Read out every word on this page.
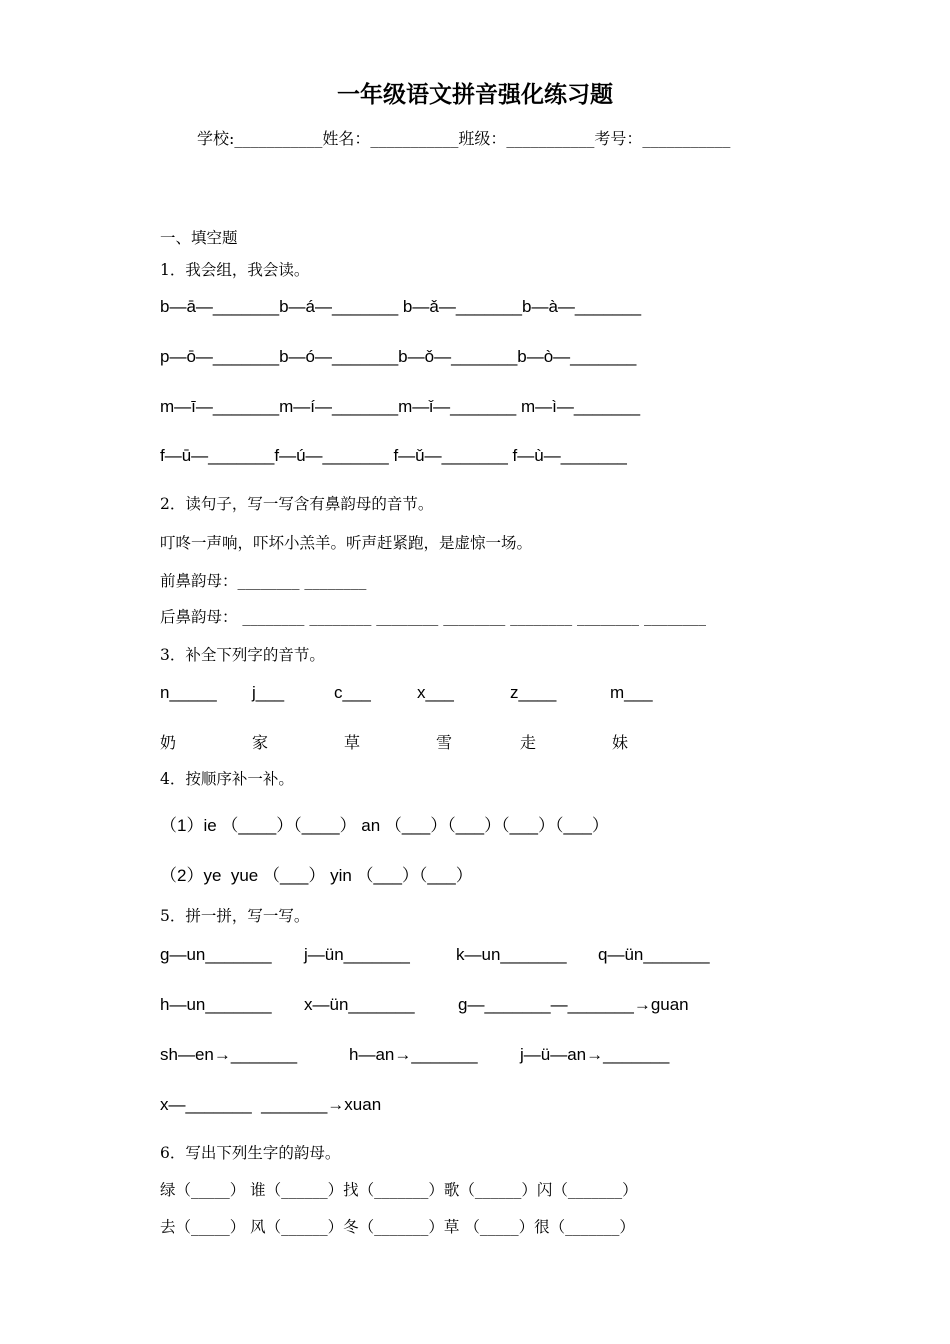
一年级语文拼音强化练习题
学校:___________姓名：___________班级：___________考号：___________
一、填空题
1．我会组，我会读。
b—ā—_______b—á—_______ b—ǎ—_______b—à—_______
p—ō—_______b—ó—_______b—ǒ—_______b—ò—_______
m—ī—_______m—í—_______m—ǐ—_______ m—ì—_______
f—ū—_______f—ú—_______ f—ǔ—_______ f—ù—_______
2．读句子，写一写含有鼻韵母的音节。
叮咚一声响，吓坏小羔羊。听声赶紧跑，是虚惊一场。
前鼻韵母：________ ________
后鼻韵母： ________ ________ ________ ________ ________ ________ ________
3．补全下列字的音节。
n_____ j___	c___	x___	z____	m___
奶	家	草	雪	走	妹
4．按顺序补一补。
（1）ie （____）（____） an （___）（___）（___）（___）
（2）ye  yue （___） yin （___）（___）
5．拼一拼，写一写。
g—un_______ j—ün_______	k—un_______ q—ün_______
h—un_______ x—ün_______	g—_______—_______→guan
sh—en→_______	h—an→_______ j—ü—an→_______
x—_______  _______→xuan
6．写出下列生字的韵母。
绿（_____） 谁（______）找（_______）歌（______）闪（_______）
去（_____） 风（______）冬（_______）草 （_____）很（_______）
